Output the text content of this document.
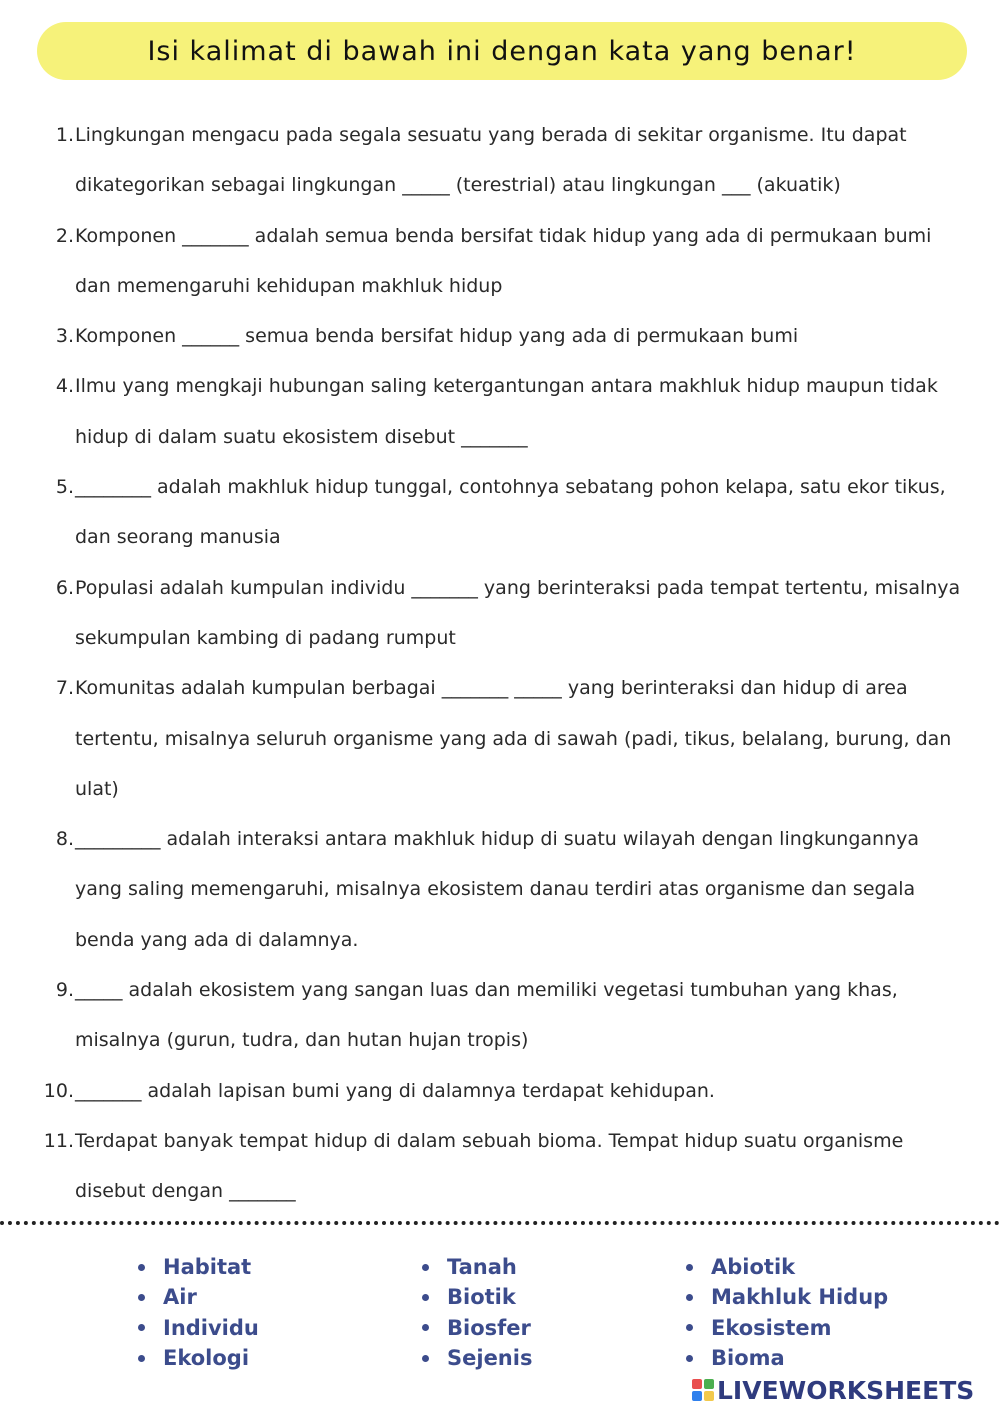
Isi kalimat di bawah ini dengan kata yang benar!
1. Lingkungan mengacu pada segala sesuatu yang berada di sekitar organisme. Itu dapat dikategorikan sebagai lingkungan _____ (terestrial) atau lingkungan ___ (akuatik)
2. Komponen _______ adalah semua benda bersifat tidak hidup yang ada di permukaan bumi dan memengaruhi kehidupan makhluk hidup
3. Komponen ______ semua benda bersifat hidup yang ada di permukaan bumi
4. Ilmu yang mengkaji hubungan saling ketergantungan antara makhluk hidup maupun tidak hidup di dalam suatu ekosistem disebut _______
5. ________ adalah makhluk hidup tunggal, contohnya sebatang pohon kelapa, satu ekor tikus, dan seorang manusia
6. Populasi adalah kumpulan individu _______ yang berinteraksi pada tempat tertentu, misalnya sekumpulan kambing di padang rumput
7. Komunitas adalah kumpulan berbagai _______ _____ yang berinteraksi dan hidup di area tertentu, misalnya seluruh organisme yang ada di sawah (padi, tikus, belalang, burung, dan ulat)
8. _________ adalah interaksi antara makhluk hidup di suatu wilayah dengan lingkungannya yang saling memengaruhi, misalnya ekosistem danau terdiri atas organisme dan segala benda yang ada di dalamnya.
9. _____ adalah ekosistem yang sangan luas dan memiliki vegetasi tumbuhan yang khas, misalnya (gurun, tudra, dan hutan hujan tropis)
10. _______ adalah lapisan bumi yang di dalamnya terdapat kehidupan.
11. Terdapat banyak tempat hidup di dalam sebuah bioma. Tempat hidup suatu organisme disebut dengan _______
Habitat
Air
Individu
Ekologi
Tanah
Biotik
Biosfer
Sejenis
Abiotik
Makhluk Hidup
Ekosistem
Bioma
LIVEWORKSHEETS
